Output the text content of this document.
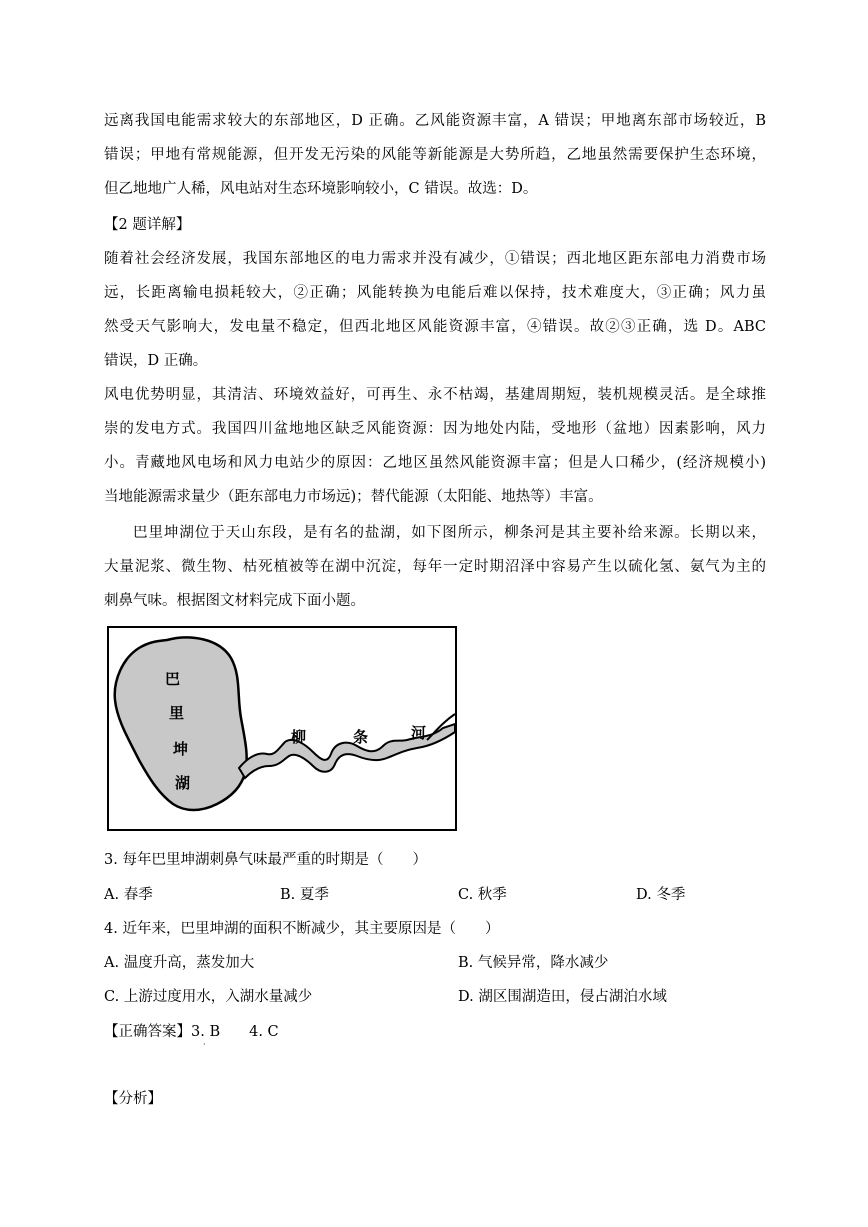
远离我国电能需求较大的东部地区，D 正确。乙风能资源丰富，A 错误；甲地离东部市场较近，B

错误；甲地有常规能源，但开发无污染的风能等新能源是大势所趋，乙地虽然需要保护生态环境，

但乙地地广人稀，风电站对生态环境影响较小，C 错误。故选：D。

【2 题详解】

随着社会经济发展，我国东部地区的电力需求并没有减少，①错误；西北地区距东部电力消费市场

远，长距离输电损耗较大，②正确；风能转换为电能后难以保持，技术难度大，③正确；风力虽

然受天气影响大，发电量不稳定，但西北地区风能资源丰富，④错误。故②③正确，选 D。ABC

错误，D 正确。

风电优势明显，其清洁、环境效益好，可再生、永不枯竭，基建周期短，装机规模灵活。是全球推

崇的发电方式。我国四川盆地地区缺乏风能资源：因为地处内陆，受地形（盆地）因素影响，风力

小。青藏地风电场和风力电站少的原因：乙地区虽然风能资源丰富；但是人口稀少，(经济规模小)

当地能源需求量少（距东部电力市场远)；替代能源（太阳能、地热等）丰富。

巴里坤湖位于天山东段，是有名的盐湖，如下图所示，柳条河是其主要补给来源。长期以来，

大量泥浆、微生物、枯死植被等在湖中沉淀，每年一定时期沼泽中容易产生以硫化氢、氨气为主的

刺鼻气味。根据图文材料完成下面小题。

巴
里
坤
湖
柳	条	河

3. 每年巴里坤湖刺鼻气味最严重的时期是（　　）

A. 春季	B. 夏季	C. 秋季	D. 冬季

4. 近年来，巴里坤湖的面积不断减少，其主要原因是（　　）

A. 温度升高，蒸发加大	B. 气候异常，降水减少
C. 上游过度用水，入湖水量减少	D. 湖区围湖造田，侵占湖泊水域

【正确答案】3. B　　4. C

·

【分析】
